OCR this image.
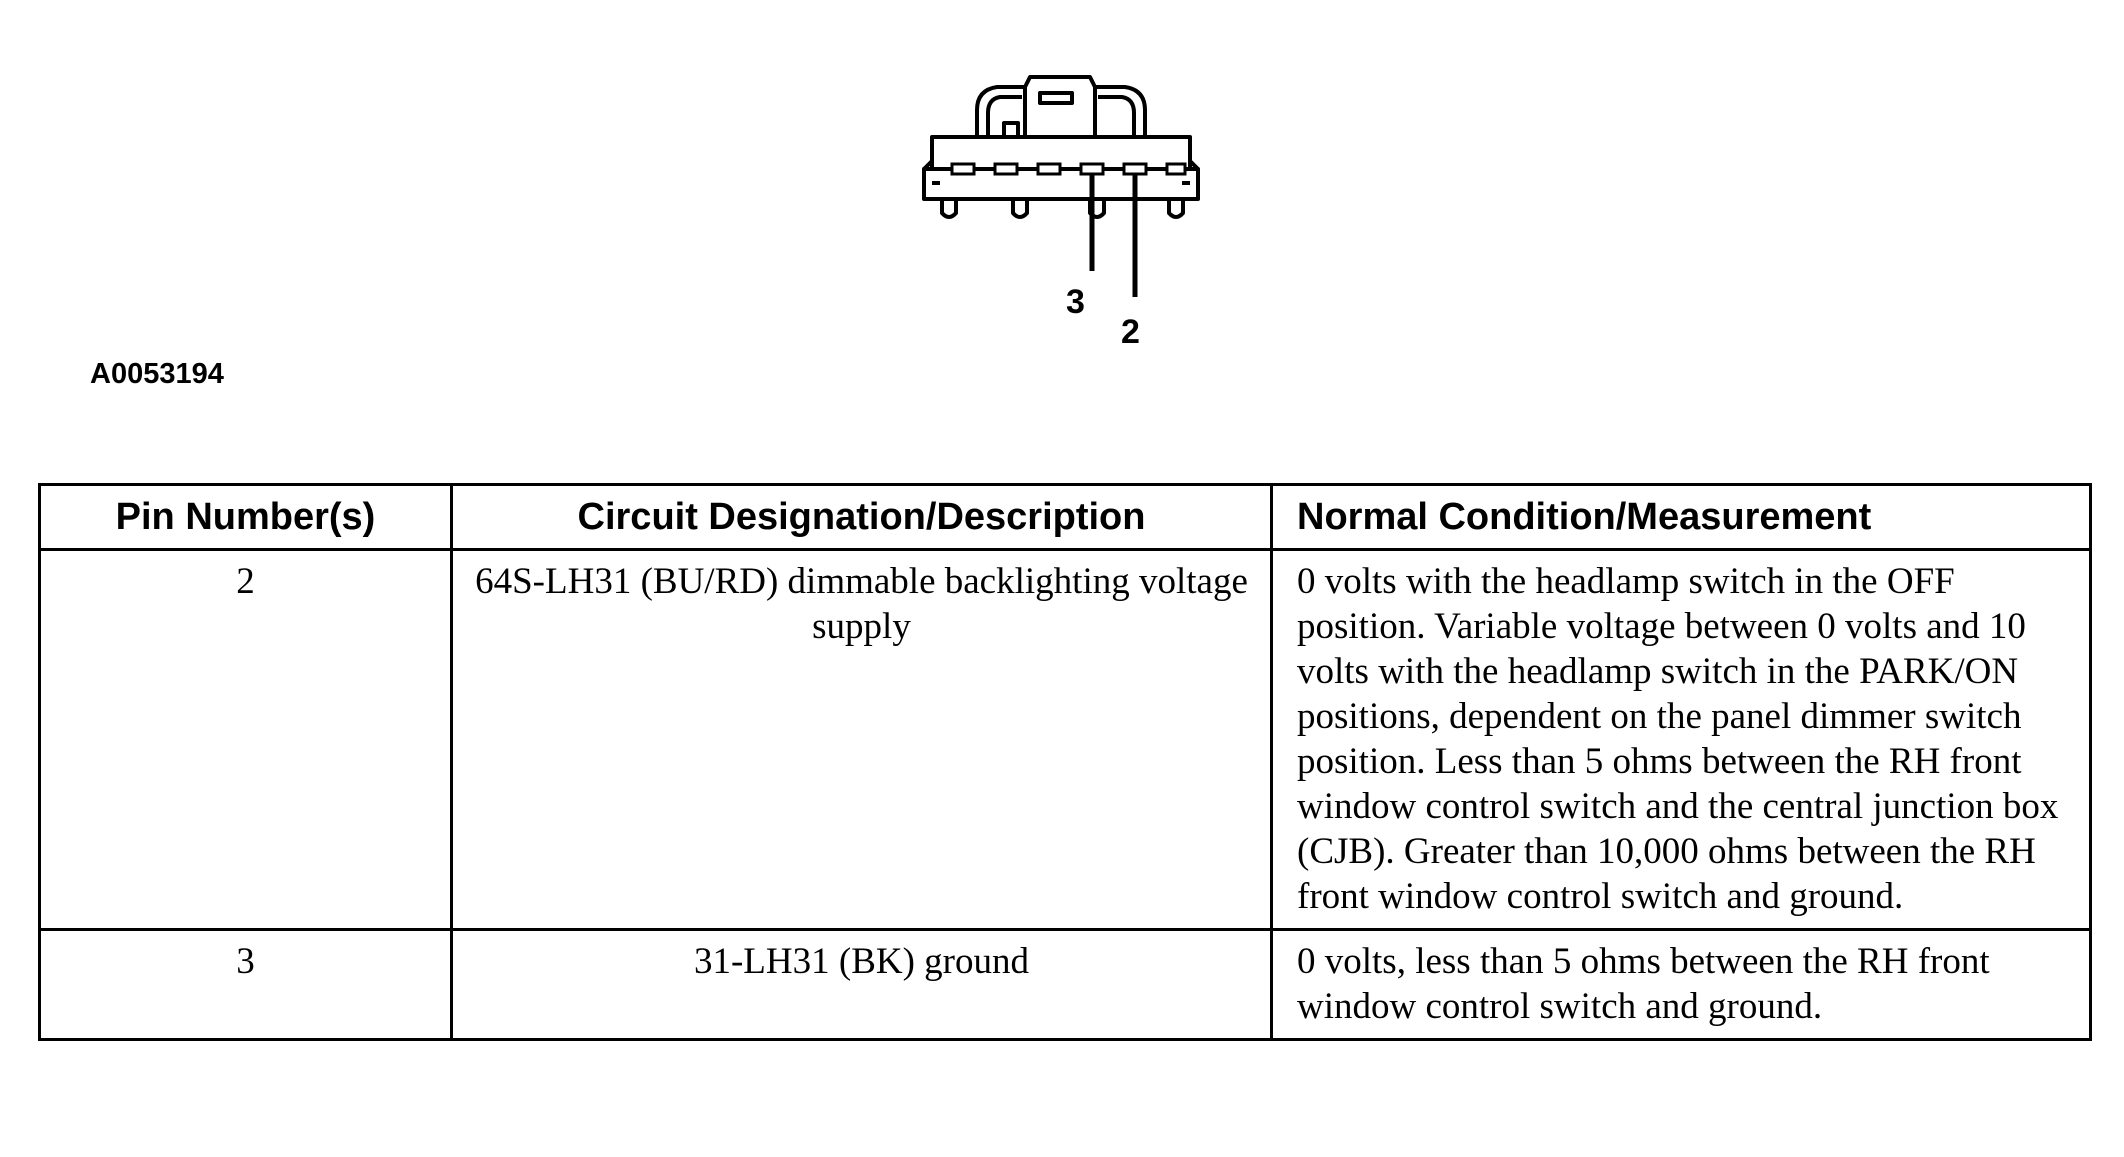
3
2
A0053194
Pin Number(s)	Circuit Designation/Description	Normal Condition/Measurement
2	64S-LH31 (BU/RD) dimmable backlighting voltage supply	0 volts with the headlamp switch in the OFF position. Variable voltage between 0 volts and 10 volts with the headlamp switch in the PARK/ON positions, dependent on the panel dimmer switch position. Less than 5 ohms between the RH front window control switch and the central junction box (CJB). Greater than 10,000 ohms between the RH front window control switch and ground.
3	31-LH31 (BK) ground	0 volts, less than 5 ohms between the RH front window control switch and ground.
